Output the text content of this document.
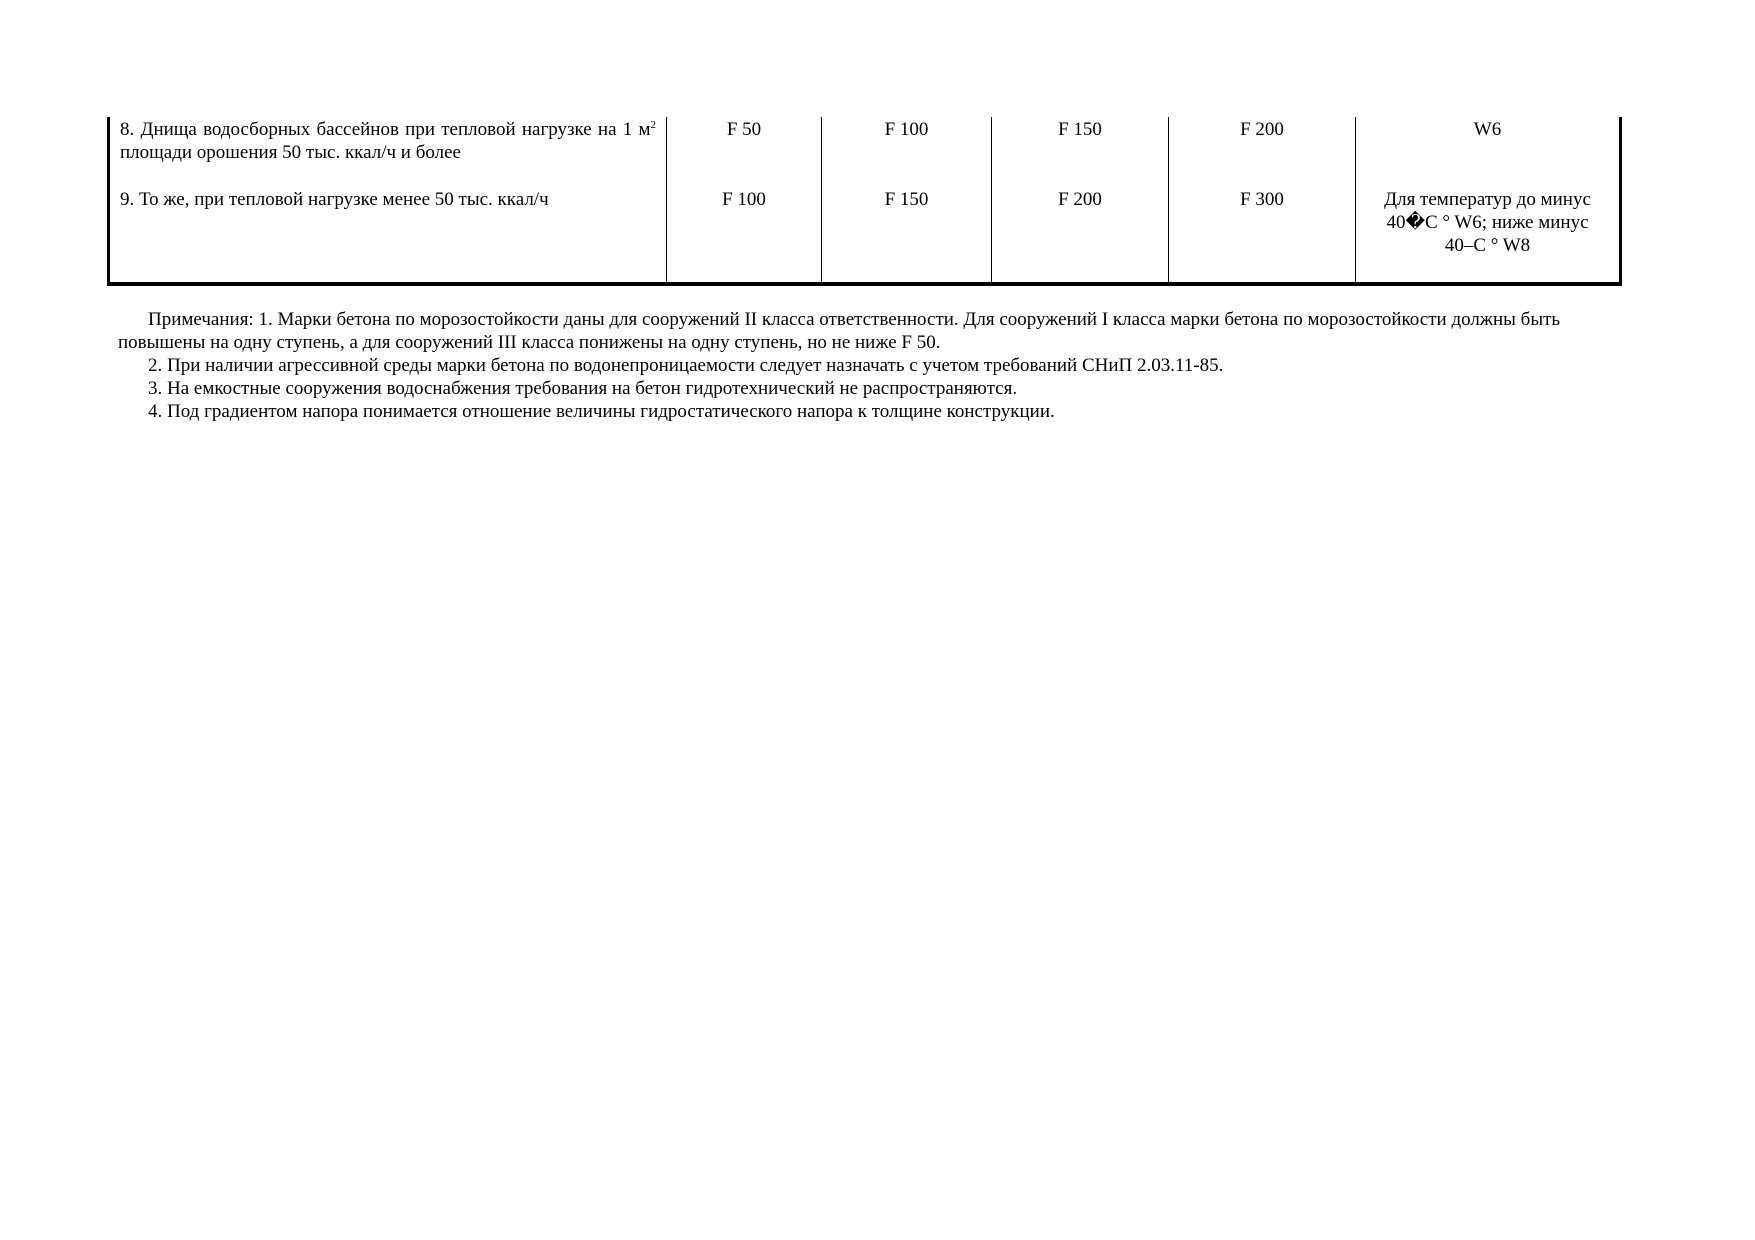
8. Днища водосборных бассейнов при тепловой нагрузке на 1 $м^2$ площади орошения 50 тыс. ккал/ч и более	F 50	F 100	F 150	F 200	W6
9. То же, при тепловой нагрузке менее 50 тыс. ккал/ч	F 100	F 150	F 200	F 300	Для температур до минус
40�C ° W6; ниже минус
40–C ° W8

Примечания: 1. Марки бетона по морозостойкости даны для сооружений II класса ответственности. Для сооружений I класса марки бетона по морозостойкости должны быть повышены на одну ступень, а для сооружений III класса понижены на одну ступень, но не ниже F 50.

2. При наличии агрессивной среды марки бетона по водонепроницаемости следует назначать с учетом требований СНиП 2.03.11-85.

3. На емкостные сооружения водоснабжения требования на бетон гидротехнический не распространяются.

4. Под градиентом напора понимается отношение величины гидростатического напора к толщине конструкции.
